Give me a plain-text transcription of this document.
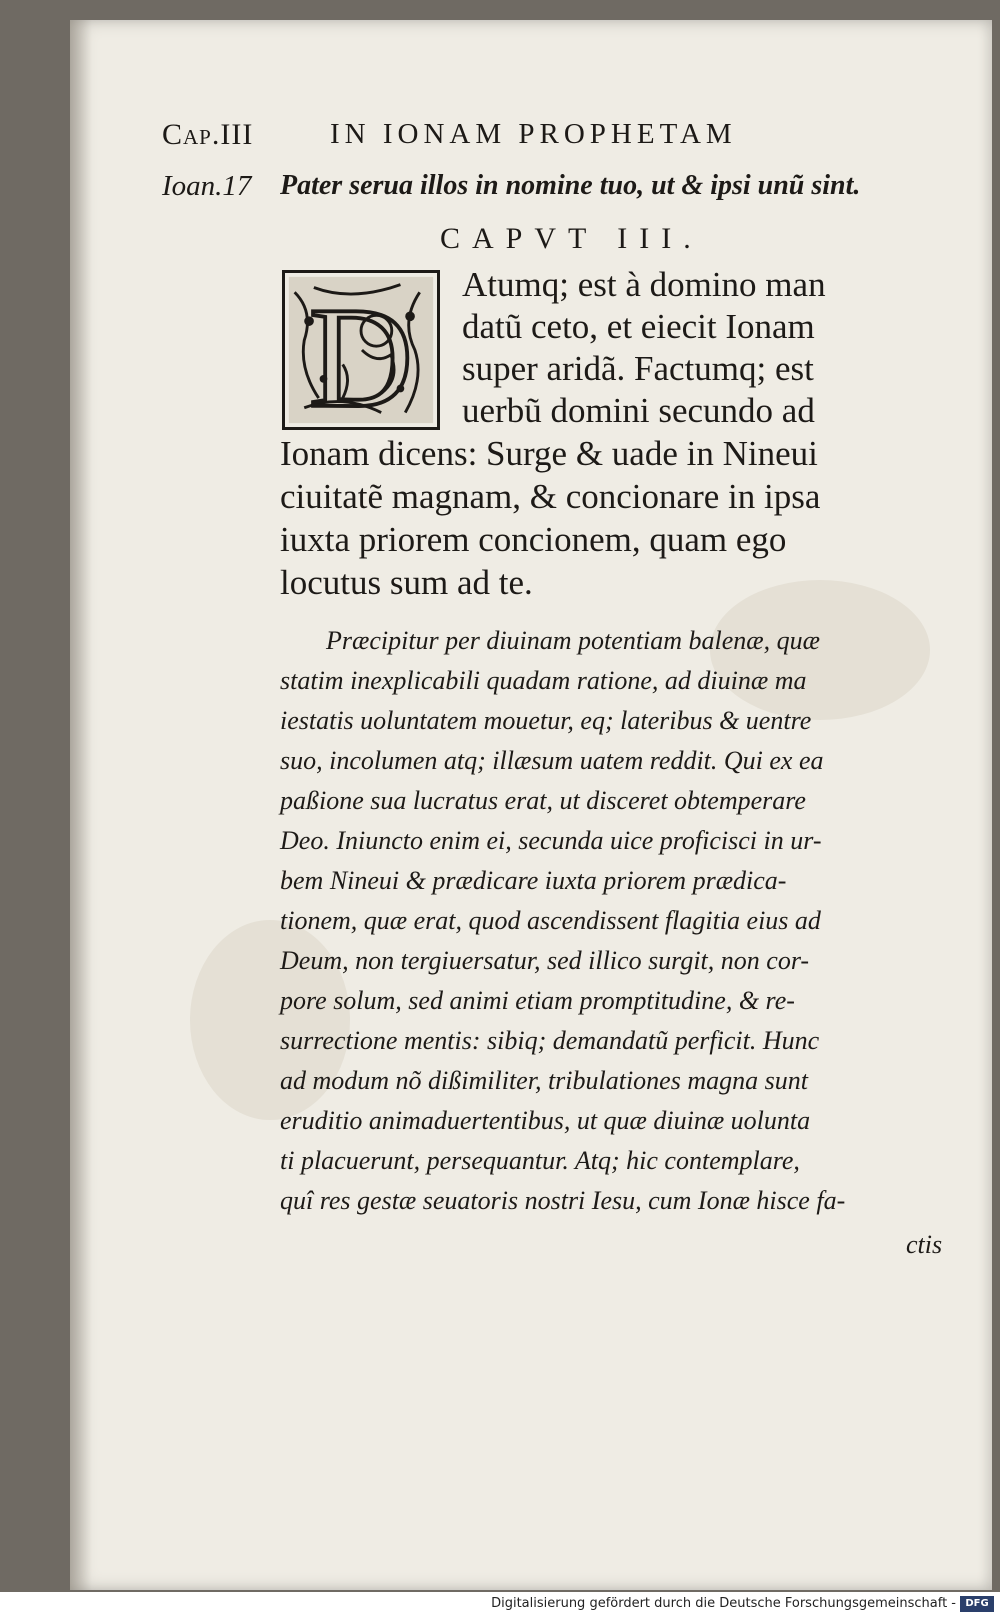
Cap.III	IN IONAM PROPHETAM
Ioan.17 Pater serua illos in nomine tuo, ut & ipsi unũ sint.
CAPVT III.
D Atumq; est à domino man
datũ ceto, et eiecit Ionam
super aridã. Factumq; est
uerbũ domini secundo ad
Ionam dicens: Surge & uade in Nineui
ciuitatẽ magnam, & concionare in ipsa
iuxta priorem concionem, quam ego
locutus sum ad te.
Præcipitur per diuinam potentiam balenæ, quæ
statim inexplicabili quadam ratione, ad diuinæ ma
iestatis uoluntatem mouetur, eq; lateribus & uentre
suo, incolumen atq; illæsum uatem reddit. Qui ex ea
paßione sua lucratus erat, ut disceret obtemperare
Deo. Iniuncto enim ei, secunda uice proficisci in ur-
bem Nineui & prædicare iuxta priorem prædica-
tionem, quæ erat, quod ascendissent flagitia eius ad
Deum, non tergiuersatur, sed illico surgit, non cor-
pore solum, sed animi etiam promptitudine, & re-
surrectione mentis: sibiq; demandatũ perficit. Hunc
ad modum nõ dißimiliter, tribulationes magna sunt
eruditio animaduertentibus, ut quæ diuinæ uolunta
ti placuerunt, persequantur. Atq; hic contemplare,
quî res gestæ seuatoris nostri Iesu, cum Ionæ hisce fa-
ctis
Digitalisierung gefördert durch die Deutsche Forschungsgemeinschaft - DFG
